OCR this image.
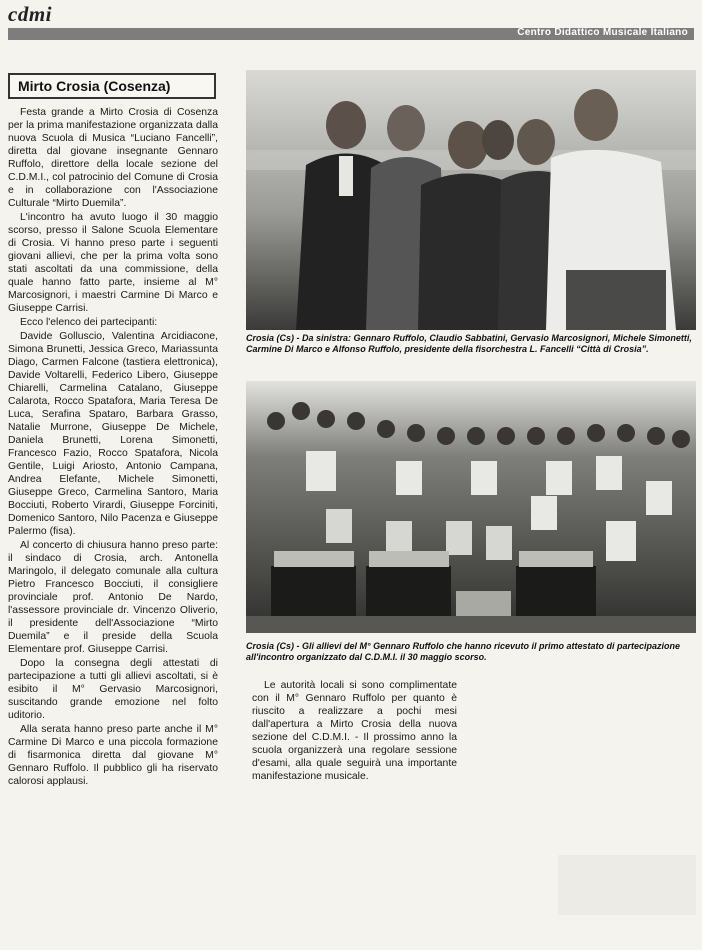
cdmi
Centro Didattico Musicale Italiano
Mirto Crosia (Cosenza)

Festa grande a Mirto Crosia di Cosenza per la prima manifestazione organizzata dalla nuova Scuola di Musica “Luciano Fancelli”, diretta dal giovane insegnante Gennaro Ruffolo, direttore della locale sezione del C.D.M.I., col patrocinio del Comune di Crosia e in collaborazione con l'Associazione Culturale “Mirto Duemila”.

L'incontro ha avuto luogo il 30 maggio scorso, presso il Salone Scuola Elementare di Crosia. Vi hanno preso parte i seguenti giovani allievi, che per la prima volta sono stati ascoltati da una commissione, della quale hanno fatto parte, insieme al M° Marcosignori, i maestri Carmine Di Marco e Giuseppe Carrisi.

Ecco l'elenco dei partecipanti:

Davide Golluscio, Valentina Arcidiacone, Simona Brunetti, Jessica Greco, Mariassunta Diago, Carmen Falcone (tastiera elettronica), Davide Voltarelli, Federico Libero, Giuseppe Chiarelli, Carmelina Catalano, Giuseppe Calarota, Rocco Spatafora, Maria Teresa De Luca, Serafina Spataro, Barbara Grasso, Natalie Murrone, Giuseppe De Michele, Daniela Brunetti, Lorena Simonetti, Francesco Fazio, Rocco Spatafora, Nicola Gentile, Luigi Ariosto, Antonio Campana, Andrea Elefante, Michele Simonetti, Giuseppe Greco, Carmelina Santoro, Maria Bocciuti, Roberto Virardi, Giuseppe Forciniti, Domenico Santoro, Nilo Pacenza e Giuseppe Palermo (fisa).

Al concerto di chiusura hanno preso parte: il sindaco di Crosia, arch. Antonella Maringolo, il delegato comunale alla cultura Pietro Francesco Bocciuti, il consigliere provinciale prof. Antonio De Nardo, l'assessore provinciale dr. Vincenzo Oliverio, il presidente dell'Associazione “Mirto Duemila” e il preside della Scuola Elementare prof. Giuseppe Carrisi.

Dopo la consegna degli attestati di partecipazione a tutti gli allievi ascoltati, si è esibito il M° Gervasio Marcosignori, suscitando grande emozione nel folto uditorio.

Alla serata hanno preso parte anche il M° Carmine Di Marco e una piccola formazione di fisarmonica diretta dal giovane M° Gennaro Ruffolo. Il pubblico gli ha riservato calorosi applausi.

Crosia (Cs) - Da sinistra: Gennaro Ruffolo, Claudio Sabbatini, Gervasio Marcosignori, Michele Simonetti, Carmine Di Marco e Alfonso Ruffolo, presidente della fisorchestra L. Fancelli “Città di Crosia”.
Crosia (Cs) - Gli allievi del M° Gennaro Ruffolo che hanno ricevuto il primo attestato di partecipazione all'incontro organizzato dal C.D.M.I. il 30 maggio scorso.

Le autorità locali si sono complimentate con il M° Gennaro Ruffolo per quanto è riuscito a realizzare a pochi mesi dall'apertura a Mirto Crosia della nuova sezione del C.D.M.I. - Il prossimo anno la scuola organizzerà una regolare sessione d'esami, alla quale seguirà una importante manifestazione musicale.
